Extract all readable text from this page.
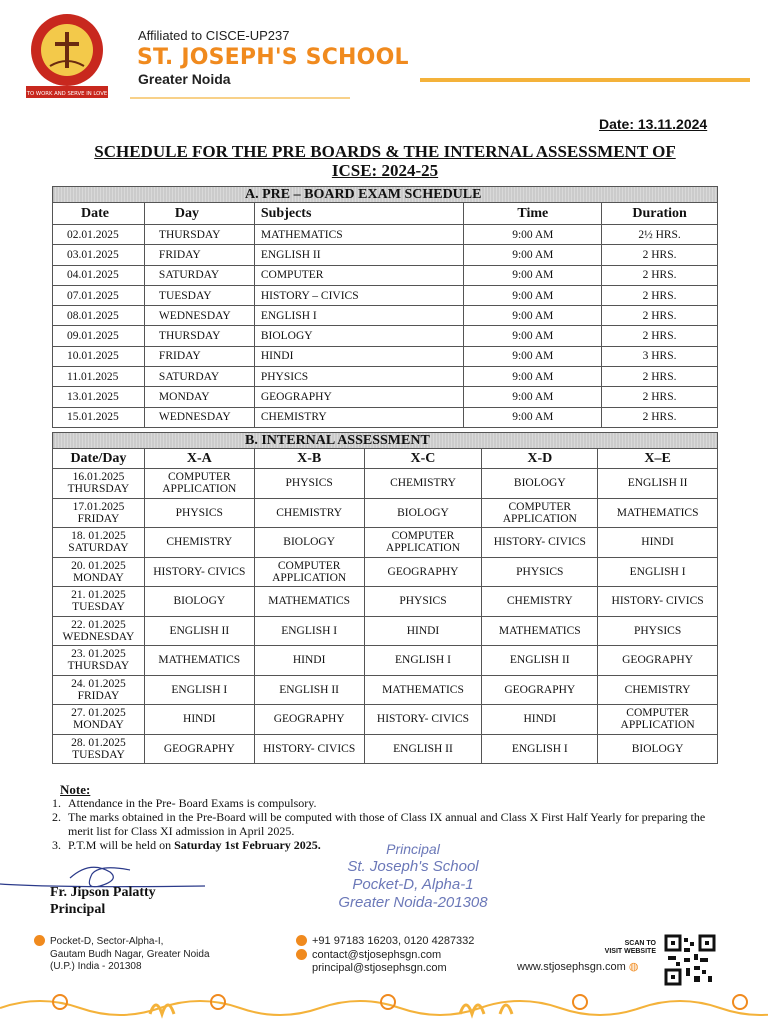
TO WORK AND SERVE IN LOVE
Affiliated to CISCE-UP237
ST. JOSEPH'S SCHOOL
Greater Noida
Date: 13.11.2024
SCHEDULE FOR THE PRE BOARDS & THE INTERNAL ASSESSMENT OF
ICSE: 2024-25
A. PRE – BOARD EXAM SCHEDULE				
Date	Day	Subjects	Time	Duration
02.01.2025	THURSDAY	MATHEMATICS	9:00 AM	2½ HRS.
03.01.2025	FRIDAY	ENGLISH II	9:00 AM	2 HRS.
04.01.2025	SATURDAY	COMPUTER	9:00 AM	2 HRS.
07.01.2025	TUESDAY	HISTORY – CIVICS	9:00 AM	2 HRS.
08.01.2025	WEDNESDAY	ENGLISH I	9:00 AM	2 HRS.
09.01.2025	THURSDAY	BIOLOGY	9:00 AM	2 HRS.
10.01.2025	FRIDAY	HINDI	9:00 AM	3 HRS.
11.01.2025	SATURDAY	PHYSICS	9:00 AM	2 HRS.
13.01.2025	MONDAY	GEOGRAPHY	9:00 AM	2 HRS.
15.01.2025	WEDNESDAY	CHEMISTRY	9:00 AM	2 HRS.
B. INTERNAL ASSESSMENT					
Date/Day	X-A	X-B	X-C	X-D	X–E

16.01.2025
THURSDAY	COMPUTER APPLICATION	PHYSICS	CHEMISTRY	BIOLOGY	ENGLISH II

17.01.2025
FRIDAY	PHYSICS	CHEMISTRY	BIOLOGY	COMPUTER APPLICATION	MATHEMATICS

18. 01.2025
SATURDAY	CHEMISTRY	BIOLOGY	COMPUTER APPLICATION	HISTORY- CIVICS	HINDI

20. 01.2025
MONDAY	HISTORY- CIVICS	COMPUTER APPLICATION	GEOGRAPHY	PHYSICS	ENGLISH I

21. 01.2025
TUESDAY	BIOLOGY	MATHEMATICS	PHYSICS	CHEMISTRY	HISTORY- CIVICS

22. 01.2025
WEDNESDAY	ENGLISH II	ENGLISH I	HINDI	MATHEMATICS	PHYSICS

23. 01.2025
THURSDAY	MATHEMATICS	HINDI	ENGLISH I	ENGLISH II	GEOGRAPHY

24. 01.2025
FRIDAY	ENGLISH I	ENGLISH II	MATHEMATICS	GEOGRAPHY	CHEMISTRY

27. 01.2025
MONDAY	HINDI	GEOGRAPHY	HISTORY- CIVICS	HINDI	COMPUTER APPLICATION

28. 01.2025
TUESDAY	GEOGRAPHY	HISTORY- CIVICS	ENGLISH II	ENGLISH I	BIOLOGY
Note:
1. Attendance in the Pre- Board Exams is compulsory.
2. The marks obtained in the Pre-Board will be computed with those of Class IX annual and Class X First Half Yearly for preparing the merit list for Class XI admission in April 2025.
3. P.T.M will be held on Saturday 1st February 2025.
Fr. Jipson Palatty
Principal
Principal
St. Joseph's School
Pocket-D, Alpha-1
Greater Noida-201308
Pocket-D, Sector-Alpha-I,
Gautam Budh Nagar, Greater Noida
(U.P.) India - 201308
+91 97183 16203, 0120 4287332
contact@stjosephsgn.com
principal@stjosephsgn.com
SCAN TO
VISIT WEBSITE
www.stjosephsgn.com ◍
